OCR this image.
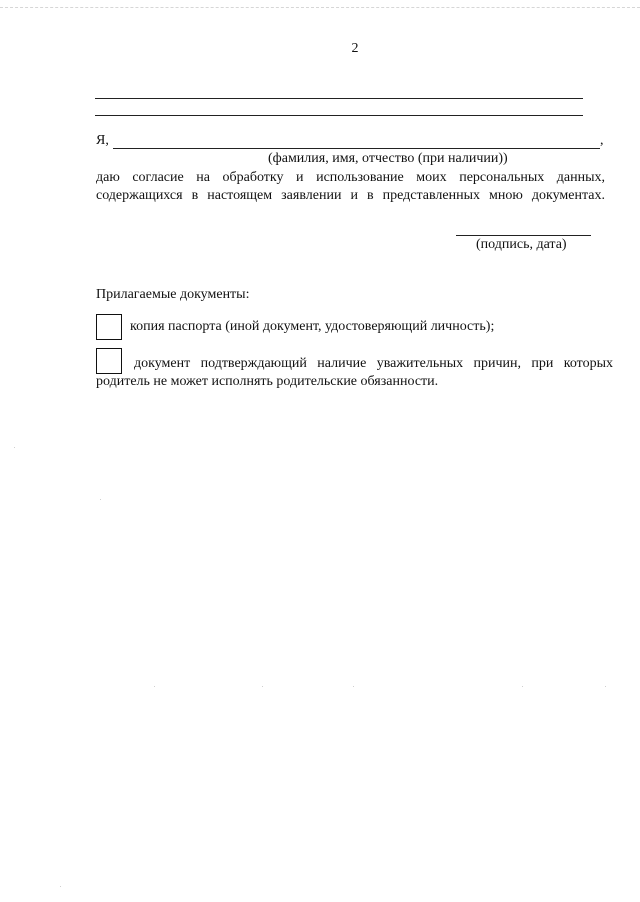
2
Я,	,
(фамилия, имя, отчество (при наличии))

даю согласие на обработку и использование моих персональных данных,
содержащихся в настоящем заявлении и в представленных мною документах.

(подпись, дата)
Прилагаемые документы:
копия паспорта (иной документ, удостоверяющий личность);

документ подтверждающий наличие уважительных причин, при которых
родитель не может исполнять родительские обязанности.
